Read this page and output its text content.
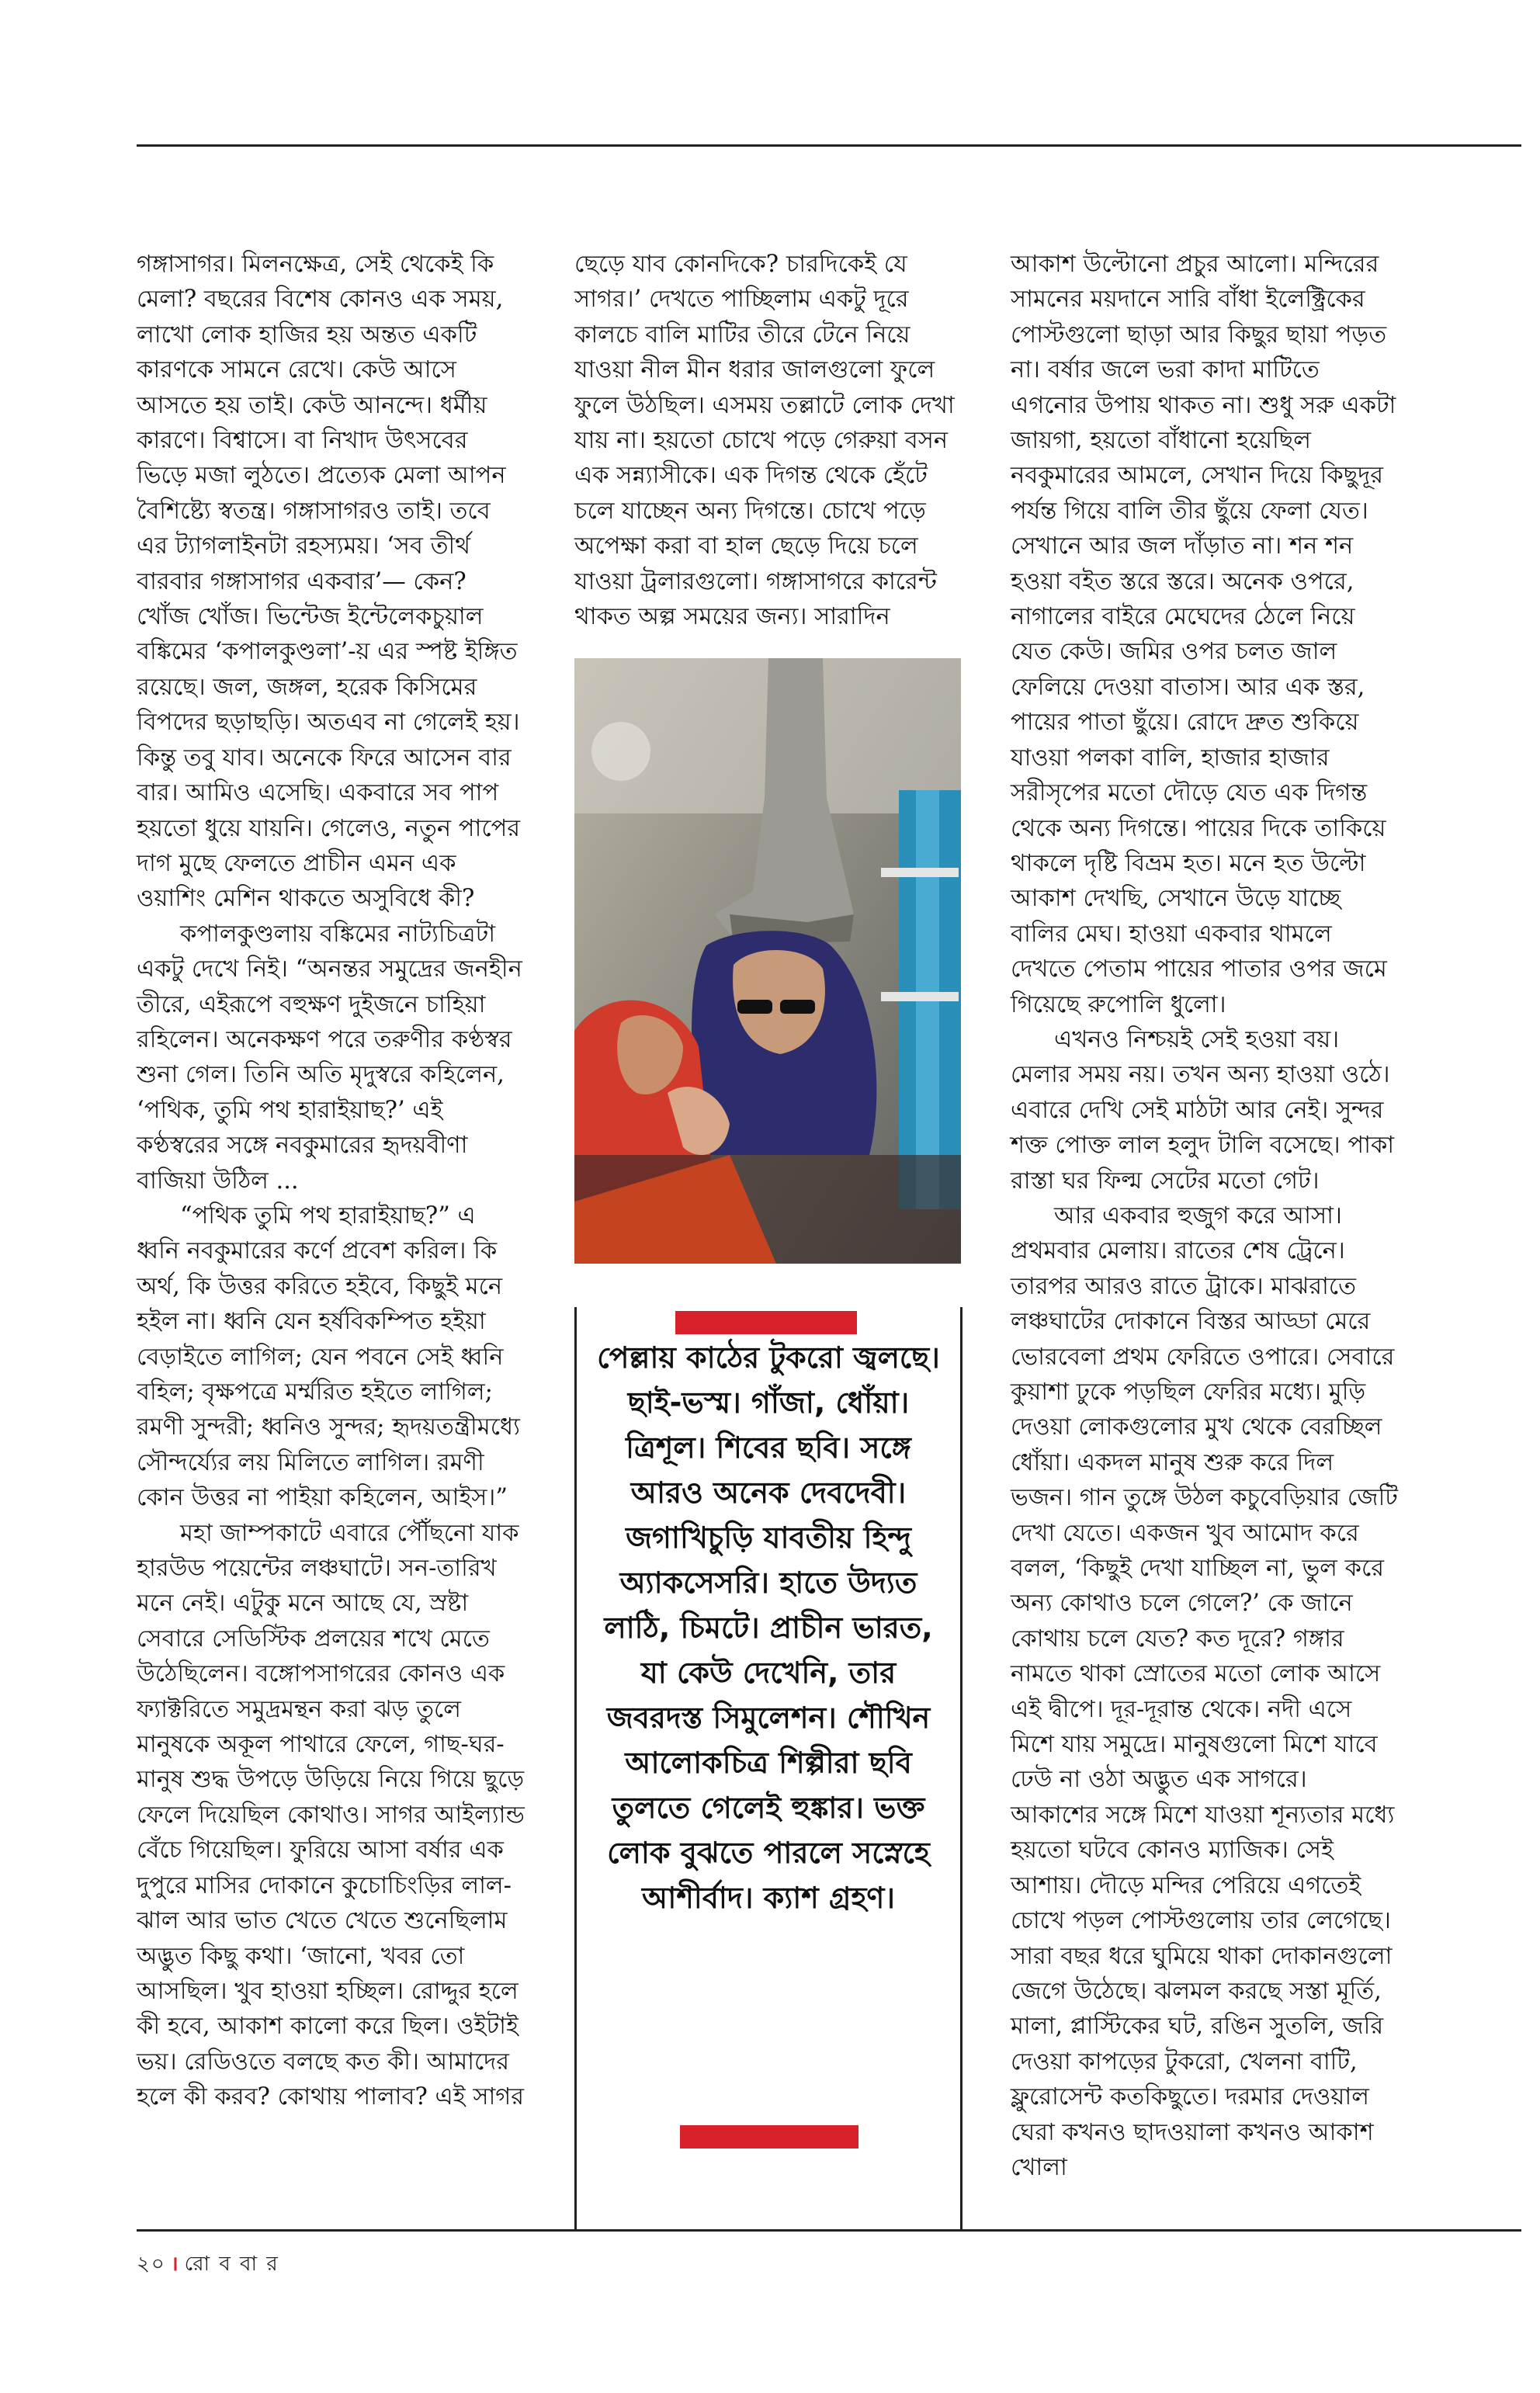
গঙ্গাসাগর। মিলনক্ষেত্র, সেই থেকেই কি মেলা? বছরের বিশেষ কোনও এক সময়, লাখো লোক হাজির হয় অন্তত একটি কারণকে সামনে রেখে। কেউ আসে আসতে হয় তাই। কেউ আনন্দে। ধর্মীয় কারণে। বিশ্বাসে। বা নিখাদ উৎসবের ভিড়ে মজা লুঠতে। প্রত্যেক মেলা আপন বৈশিষ্ট্যে স্বতন্ত্র। গঙ্গাসাগরও তাই। তবে এর ট্যাগলাইনটা রহস্যময়। ‘সব তীর্থ বারবার গঙ্গাসাগর একবার’— কেন? খোঁজ খোঁজ। ভিন্টেজ ইন্টেলেকচুয়াল বঙ্কিমের ‘কপালকুণ্ডলা’-য় এর স্পষ্ট ইঙ্গিত রয়েছে। জল, জঙ্গল, হরেক কিসিমের বিপদের ছড়াছড়ি। অতএব না গেলেই হয়। কিন্তু তবু যাব। অনেকে ফিরে আসেন বার বার। আমিও এসেছি। একবারে সব পাপ হয়তো ধুয়ে যায়নি। গেলেও, নতুন পাপের দাগ মুছে ফেলতে প্রাচীন এমন এক ওয়াশিং মেশিন থাকতে অসুবিধে কী?

কপালকুণ্ডলায় বঙ্কিমের নাট্যচিত্রটা একটু দেখে নিই। “অনন্তর সমুদ্রের জনহীন তীরে, এইরূপে বহুক্ষণ দুইজনে চাহিয়া রহিলেন। অনেকক্ষণ পরে তরুণীর কণ্ঠস্বর শুনা গেল। তিনি অতি মৃদুস্বরে কহিলেন, ‘পথিক, তুমি পথ হারাইয়াছ?’ এই কণ্ঠস্বরের সঙ্গে নবকুমারের হৃদয়বীণা বাজিয়া উঠিল ...

“পথিক তুমি পথ হারাইয়াছ?” এ ধ্বনি নবকুমারের কর্ণে প্রবেশ করিল। কি অর্থ, কি উত্তর করিতে হইবে, কিছুই মনে হইল না। ধ্বনি যেন হর্ষবিকম্পিত হইয়া বেড়াইতে লাগিল; যেন পবনে সেই ধ্বনি বহিল; বৃক্ষপত্রে মর্ম্মরিত হইতে লাগিল; রমণী সুন্দরী; ধ্বনিও সুন্দর; হৃদয়তন্ত্রীমধ্যে সৌন্দর্য্যের লয় মিলিতে লাগিল। রমণী কোন উত্তর না পাইয়া কহিলেন, আইস।”

মহা জাম্পকাটে এবারে পৌঁছনো যাক হারউড পয়েন্টের লঞ্চঘাটে। সন-তারিখ মনে নেই। এটুকু মনে আছে যে, স্রষ্টা সেবারে সেডিস্টিক প্রলয়ের শখে মেতে উঠেছিলেন। বঙ্গোপসাগরের কোনও এক ফ্যাক্টরিতে সমুদ্রমন্থন করা ঝড় তুলে মানুষকে অকূল পাথারে ফেলে, গাছ-ঘর-মানুষ শুদ্ধ উপড়ে উড়িয়ে নিয়ে গিয়ে ছুড়ে ফেলে দিয়েছিল কোথাও। সাগর আইল্যান্ড বেঁচে গিয়েছিল। ফুরিয়ে আসা বর্ষার এক দুপুরে মাসির দোকানে কুচোচিংড়ির লাল-ঝাল আর ভাত খেতে খেতে শুনেছিলাম অদ্ভুত কিছু কথা। ‘জানো, খবর তো আসছিল। খুব হাওয়া হচ্ছিল। রোদ্দুর হলে কী হবে, আকাশ কালো করে ছিল। ওইটাই ভয়। রেডিওতে বলছে কত কী। আমাদের হলে কী করব? কোথায় পালাব? এই সাগর

ছেড়ে যাব কোনদিকে? চারদিকেই যে সাগর।’ দেখতে পাচ্ছিলাম একটু দূরে কালচে বালি মাটির তীরে টেনে নিয়ে যাওয়া নীল মীন ধরার জালগুলো ফুলে ফুলে উঠছিল। এসময় তল্লাটে লোক দেখা যায় না। হয়তো চোখে পড়ে গেরুয়া বসন এক সন্ন্যাসীকে। এক দিগন্ত থেকে হেঁটে চলে যাচ্ছেন অন্য দিগন্তে। চোখে পড়ে অপেক্ষা করা বা হাল ছেড়ে দিয়ে চলে যাওয়া ট্রলারগুলো। গঙ্গাসাগরে কারেন্ট থাকত অল্প সময়ের জন্য। সারাদিন

পেল্লায় কাঠের টুকরো জ্বলছে। ছাই-ভস্ম। গাঁজা, ধোঁয়া। ত্রিশূল। শিবের ছবি। সঙ্গে আরও অনেক দেবদেবী। জগাখিচুড়ি যাবতীয় হিন্দু অ্যাকসেসরি। হাতে উদ্যত লাঠি, চিমটে। প্রাচীন ভারত, যা কেউ দেখেনি, তার জবরদস্ত সিমুলেশন। শৌখিন আলোকচিত্র শিল্পীরা ছবি তুলতে গেলেই হুঙ্কার। ভক্ত লোক বুঝতে পারলে সস্নেহে আশীর্বাদ। ক্যাশ গ্রহণ।

আকাশ উল্টোনো প্রচুর আলো। মন্দিরের সামনের ময়দানে সারি বাঁধা ইলেক্ট্রিকের পোস্টগুলো ছাড়া আর কিছুর ছায়া পড়ত না। বর্ষার জলে ভরা কাদা মাটিতে এগনোর উপায় থাকত না। শুধু সরু একটা জায়গা, হয়তো বাঁধানো হয়েছিল নবকুমারের আমলে, সেখান দিয়ে কিছুদূর পর্যন্ত গিয়ে বালি তীর ছুঁয়ে ফেলা যেত। সেখানে আর জল দাঁড়াত না। শন শন হওয়া বইত স্তরে স্তরে। অনেক ওপরে, নাগালের বাইরে মেঘেদের ঠেলে নিয়ে যেত কেউ। জমির ওপর চলত জাল ফেলিয়ে দেওয়া বাতাস। আর এক স্তর, পায়ের পাতা ছুঁয়ে। রোদে দ্রুত শুকিয়ে যাওয়া পলকা বালি, হাজার হাজার সরীসৃপের মতো দৌড়ে যেত এক দিগন্ত থেকে অন্য দিগন্তে। পায়ের দিকে তাকিয়ে থাকলে দৃষ্টি বিভ্রম হত। মনে হত উল্টো আকাশ দেখছি, সেখানে উড়ে যাচ্ছে বালির মেঘ। হাওয়া একবার থামলে দেখতে পেতাম পায়ের পাতার ওপর জমে গিয়েছে রুপোলি ধুলো।

এখনও নিশ্চয়ই সেই হওয়া বয়। মেলার সময় নয়। তখন অন্য হাওয়া ওঠে। এবারে দেখি সেই মাঠটা আর নেই। সুন্দর শক্ত পোক্ত লাল হলুদ টালি বসেছে। পাকা রাস্তা ঘর ফিল্ম সেটের মতো গেট।

আর একবার হুজুগ করে আসা। প্রথমবার মেলায়। রাতের শেষ ট্রেনে। তারপর আরও রাতে ট্রাকে। মাঝরাতে লঞ্চঘাটের দোকানে বিস্তর আড্ডা মেরে ভোরবেলা প্রথম ফেরিতে ওপারে। সেবারে কুয়াশা ঢুকে পড়ছিল ফেরির মধ্যে। মুড়ি দেওয়া লোকগুলোর মুখ থেকে বেরচ্ছিল ধোঁয়া। একদল মানুষ শুরু করে দিল ভজন। গান তুঙ্গে উঠল কচুবেড়িয়ার জেটি দেখা যেতে। একজন খুব আমোদ করে বলল, ‘কিছুই দেখা যাচ্ছিল না, ভুল করে অন্য কোথাও চলে গেলে?’ কে জানে কোথায় চলে যেত? কত দূরে? গঙ্গার নামতে থাকা স্রোতের মতো লোক আসে এই দ্বীপে। দূর-দূরান্ত থেকে। নদী এসে মিশে যায় সমুদ্রে। মানুষগুলো মিশে যাবে ঢেউ না ওঠা অদ্ভুত এক সাগরে। আকাশের সঙ্গে মিশে যাওয়া শূন্যতার মধ্যে হয়তো ঘটবে কোনও ম্যাজিক। সেই আশায়। দৌড়ে মন্দির পেরিয়ে এগতেই চোখে পড়ল পোস্টগুলোয় তার লেগেছে। সারা বছর ধরে ঘুমিয়ে থাকা দোকানগুলো জেগে উঠেছে। ঝলমল করছে সস্তা মূর্তি, মালা, প্লাস্টিকের ঘট, রঙিন সুতলি, জরি দেওয়া কাপড়ের টুকরো, খেলনা বাটি, ফ্লুরোসেন্ট কতকিছুতে। দরমার দেওয়াল ঘেরা কখনও ছাদওয়ালা কখনও আকাশ খোলা

২০ । রো ব বা র
